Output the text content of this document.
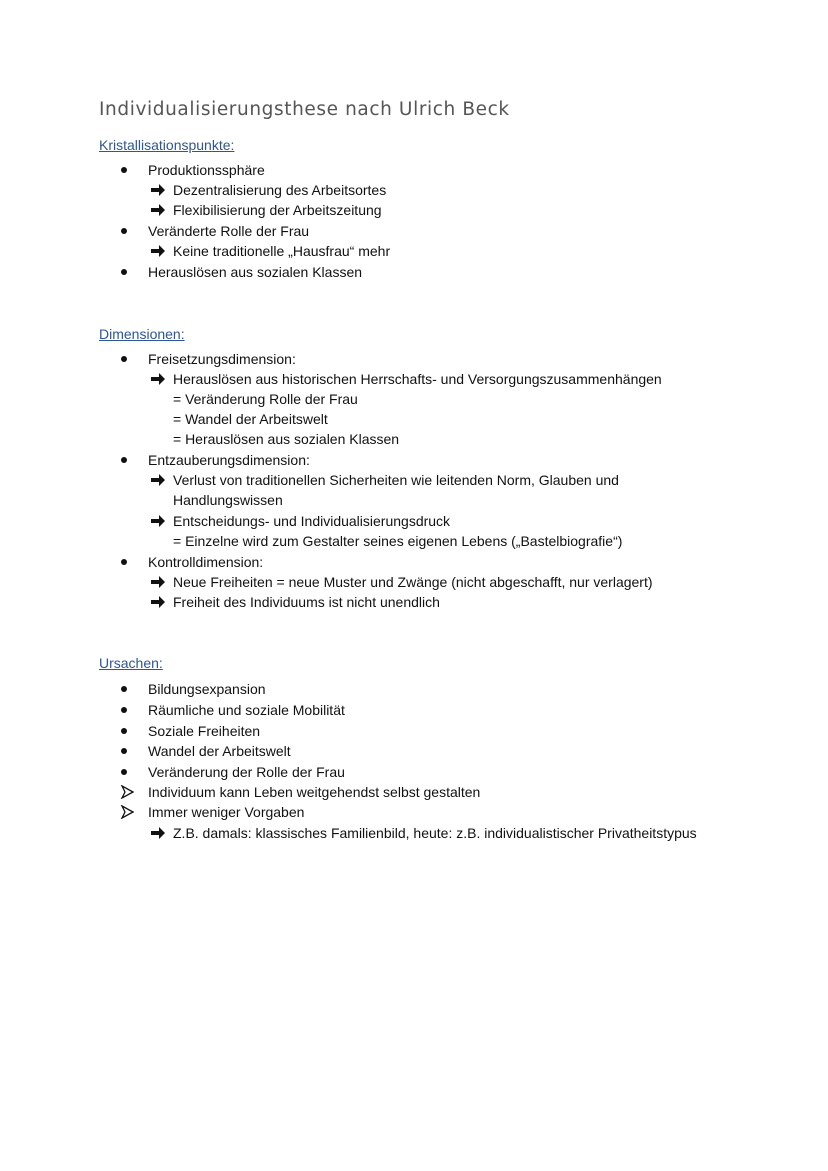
Individualisierungsthese nach Ulrich Beck
Kristallisationspunkte:
Produktionssphäre
Dezentralisierung des Arbeitsortes
Flexibilisierung der Arbeitszeitung
Veränderte Rolle der Frau
Keine traditionelle „Hausfrau“ mehr
Herauslösen aus sozialen Klassen
Dimensionen:
Freisetzungsdimension:
Herauslösen aus historischen Herrschafts- und Versorgungszusammenhängen
= Veränderung Rolle der Frau
= Wandel der Arbeitswelt
= Herauslösen aus sozialen Klassen
Entzauberungsdimension:
Verlust von traditionellen Sicherheiten wie leitenden Norm, Glauben und
Handlungswissen
Entscheidungs- und Individualisierungsdruck
= Einzelne wird zum Gestalter seines eigenen Lebens („Bastelbiografie“)
Kontrolldimension:
Neue Freiheiten = neue Muster und Zwänge (nicht abgeschafft, nur verlagert)
Freiheit des Individuums ist nicht unendlich
Ursachen:
Bildungsexpansion
Räumliche und soziale Mobilität
Soziale Freiheiten
Wandel der Arbeitswelt
Veränderung der Rolle der Frau
Individuum kann Leben weitgehendst selbst gestalten
Immer weniger Vorgaben
Z.B. damals: klassisches Familienbild, heute: z.B. individualistischer Privatheitstypus
